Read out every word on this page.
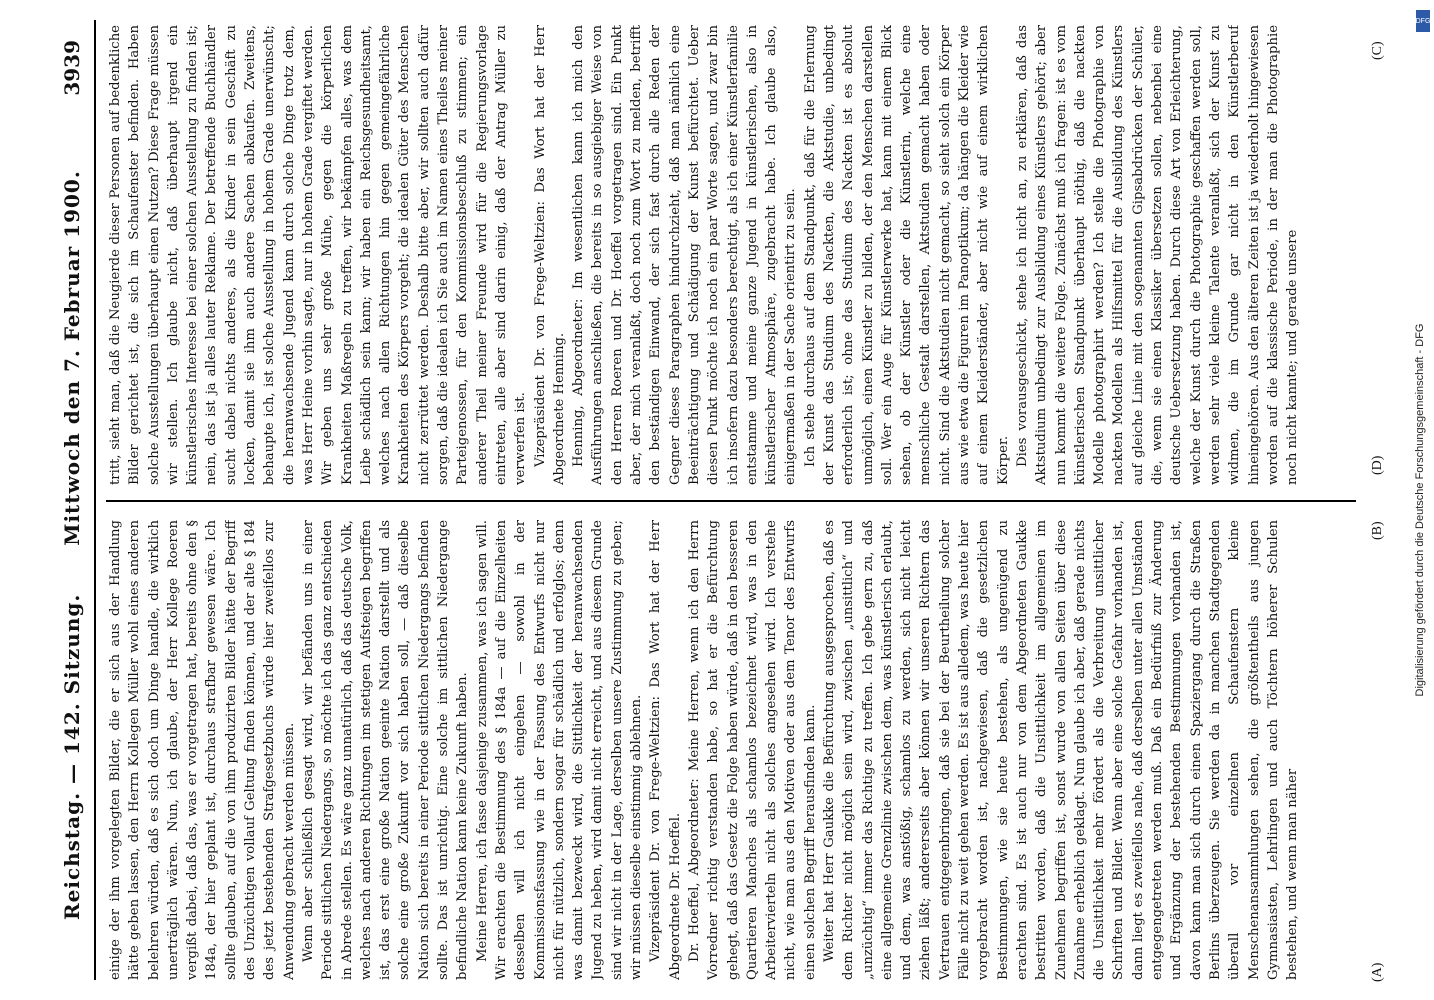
Reichstag. — 142. Sitzung. Mittwoch den 7. Februar 1900.
3939

einige der ihm vorgelegten Bilder, die er sich aus der Handlung hätte geben lassen, den Herrn Kollegen Müller wohl eines anderen belehren würden, daß es sich doch um Dinge handle, die wirklich unerträglich wären. Nun, ich glaube, der Herr Kollege Roeren vergißt dabei, daß das, was er vorgetragen hat, bereits ohne den § 184a, der hier geplant ist, durchaus strafbar gewesen wäre. Ich sollte glauben, auf die von ihm produzirten Bilder hätte der Begriff des Unzüchtigen vollauf Geltung finden können, und der alte § 184 des jetzt bestehenden Strafgesetzbuchs würde hier zweifellos zur Anwendung gebracht werden müssen. Wenn aber schließlich gesagt wird, wir befänden uns in einer Periode sittlichen Niedergangs, so möchte ich das ganz entschieden in Abrede stellen. Es wäre ganz unnatürlich, daß das deutsche Volk, welches nach anderen Richtungen im stetigen Aufsteigen begriffen ist, das erst eine große Nation geeinte Nation darstellt und als solche eine große Zukunft vor sich haben soll, — daß dieselbe Nation sich bereits in einer Periode sittlichen Niedergangs befinden sollte. Das ist unrichtig. Eine solche im sittlichen Niedergange befindliche Nation kann keine Zukunft haben. Meine Herren, ich fasse dasjenige zusammen, was ich sagen will. Wir erachten die Bestimmung des § 184a — auf die Einzelheiten desselben will ich nicht eingehen — sowohl in der Kommissionsfassung wie in der Fassung des Entwurfs nicht nur nicht für nützlich, sondern sogar für schädlich und erfolglos; denn was damit bezweckt wird, die Sittlichkeit der heranwachsenden Jugend zu heben, wird damit nicht erreicht, und aus diesem Grunde sind wir nicht in der Lage, derselben unsere Zustimmung zu geben; wir müssen dieselbe einstimmig ablehnen. Vizepräsident Dr. von Frege-Weltzien: Das Wort hat der Herr Abgeordnete Dr. Hoeffel. Dr. Hoeffel, Abgeordneter: Meine Herren, wenn ich den Herrn Vorredner richtig verstanden habe, so hat er die Befürchtung gehegt, daß das Gesetz die Folge haben würde, daß in den besseren Quartieren Manches als schamlos bezeichnet wird, was in den Arbeitervierteln nicht als solches angesehen wird. Ich verstehe nicht, wie man aus den Motiven oder aus dem Tenor des Entwurfs einen solchen Begriff herausfinden kann. Weiter hat Herr Gaukke die Befürchtung ausgesprochen, daß es dem Richter nicht möglich sein wird, zwischen „unsittlich“ und „unzüchtig“ immer das Richtige zu treffen. Ich gebe gern zu, daß eine allgemeine Grenzlinie zwischen dem, was künstlerisch erlaubt, und dem, was anstößig, schamlos zu werden, sich nicht leicht ziehen läßt; andererseits aber können wir unseren Richtern das Vertrauen entgegenbringen, daß sie bei der Beurtheilung solcher Fälle nicht zu weit gehen werden. Es ist aus alledem, was heute hier vorgebracht worden ist, nachgewiesen, daß die gesetzlichen Bestimmungen, wie sie heute bestehen, als ungenügend zu erachten sind. Es ist auch nur von dem Abgeordneten Gaukke bestritten worden, daß die Unsittlichkeit im allgemeinen im Zunehmen begriffen ist, sonst wurde von allen Seiten über diese Zunahme erheblich geklagt. Nun glaube ich aber, daß gerade nichts die Unsittlichkeit mehr fördert als die Verbreitung unsittlicher Schriften und Bilder. Wenn aber eine solche Gefahr vorhanden ist, dann liegt es zweifellos nahe, daß derselben unter allen Umständen entgegengetreten werden muß. Daß ein Bedürfniß zur Änderung und Ergänzung der bestehenden Bestimmungen vorhanden ist, davon kann man sich durch einen Spaziergang durch die Straßen Berlins überzeugen. Sie werden da in manchen Stadtgegenden überall vor einzelnen Schaufenstern kleine Menschenansammlungen sehen, die größtentheils aus jungen Gymnasiasten, Lehrlingen und auch Töchtern höherer Schulen bestehen, und wenn man näher

tritt, sieht man, daß die Neugierde dieser Personen auf bedenkliche Bilder gerichtet ist, die sich im Schaufenster befinden. Haben solche Ausstellungen überhaupt einen Nutzen? Diese Frage müssen wir stellen. Ich glaube nicht, daß überhaupt irgend ein künstlerisches Interesse bei einer solchen Ausstellung zu finden ist; nein, das ist ja alles lauter Reklame. Der betreffende Buchhändler sucht dabei nichts anderes, als die Kinder in sein Geschäft zu locken, damit sie ihm auch andere Sachen abkaufen. Zweitens, behaupte ich, ist solche Ausstellung in hohem Grade unerwünscht; die heranwachsende Jugend kann durch solche Dinge trotz dem, was Herr Heine vorhin sagte, nur in hohem Grade vergiftet werden. Wir geben uns sehr große Mühe, gegen die körperlichen Krankheiten Maßregeln zu treffen, wir bekämpfen alles, was dem Leibe schädlich sein kann; wir haben ein Reichsgesundheitsamt, welches nach allen Richtungen hin gegen gemeingefährliche Krankheiten des Körpers vorgeht; die idealen Güter des Menschen nicht zerrüttet werden. Deshalb bitte aber, wir sollten auch dafür sorgen, daß die idealen ich Sie auch im Namen eines Theiles meiner Parteigenossen, für den Kommissionsbeschluß zu stimmen; ein anderer Theil meiner Freunde wird für die Regierungsvorlage eintreten, alle aber sind darin einig, daß der Antrag Müller zu verwerfen ist. Vizepräsident Dr. von Frege-Weltzien: Das Wort hat der Herr Abgeordnete Henning. Henning, Abgeordneter: Im wesentlichen kann ich mich den Ausführungen anschließen, die bereits in so ausgiebiger Weise von den Herren Roeren und Dr. Hoeffel vorgetragen sind. Ein Punkt aber, der mich veranlaßt, doch noch zum Wort zu melden, betrifft den beständigen Einwand, der sich fast durch alle Reden der Gegner dieses Paragraphen hindurchzieht, daß man nämlich eine Beeinträchtigung und Schädigung der Kunst befürchtet. Ueber diesen Punkt möchte ich noch ein paar Worte sagen, und zwar bin ich insofern dazu besonders berechtigt, als ich einer Künstlerfamilie entstamme und meine ganze Jugend in künstlerischen, also in künstlerischer Atmosphäre, zugebracht habe. Ich glaube also, einigermaßen in der Sache orientirt zu sein. Ich stehe durchaus auf dem Standpunkt, daß für die Erlernung der Kunst das Studium des Nackten, die Aktstudie, unbedingt erforderlich ist; ohne das Studium des Nackten ist es absolut unmöglich, einen Künstler zu bilden, der den Menschen darstellen soll. Wer ein Auge für Künstlerwerke hat, kann mit einem Blick sehen, ob der Künstler oder die Künstlerin, welche eine menschliche Gestalt darstellen, Aktstudien gemacht haben oder nicht. Sind die Aktstudien nicht gemacht, so sieht solch ein Körper aus wie etwa die Figuren im Panoptikum; da hängen die Kleider wie auf einem Kleiderständer, aber nicht wie auf einem wirklichen Körper. Dies vorausgeschickt, stehe ich nicht an, zu erklären, daß das Aktstudium unbedingt zur Ausbildung eines Künstlers gehört; aber nun kommt die weitere Folge. Zunächst muß ich fragen: ist es vom künstlerischen Standpunkt überhaupt nöthig, daß die nackten Modelle photographirt werden? Ich stelle die Photographie von nackten Modellen als Hilfsmittel für die Ausbildung des Künstlers auf gleiche Linie mit den sogenannten Gipsabdrücken der Schüler, die, wenn sie einen Klassiker übersetzen sollen, nebenbei eine deutsche Uebersetzung haben. Durch diese Art von Erleichterung, welche der Kunst durch die Photographie geschaffen werden soll, werden sehr viele kleine Talente veranlaßt, sich der Kunst zu widmen, die im Grunde gar nicht in den Künstlerberuf hineingehören. Aus den älteren Zeiten ist ja wiederholt hingewiesen worden auf die klassische Periode, in der man die Photographie noch nicht kannte; und gerade unsere

(A)
(B)
(C)
(D)
DFG
Digitalisierung gefördert durch die Deutsche Forschungsgemeinschaft - DFG
